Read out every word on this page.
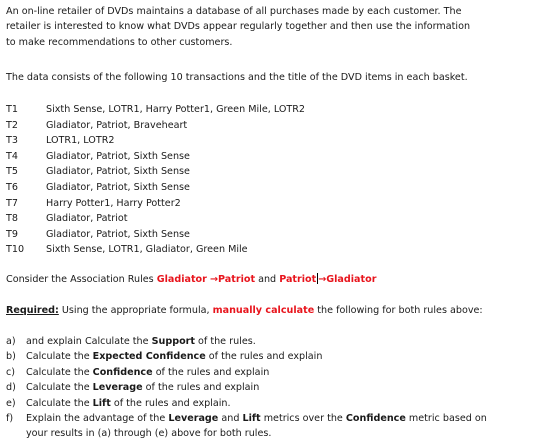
An on-line retailer of DVDs maintains a database of all purchases made by each customer. The
retailer is interested to know what DVDs appear regularly together and then use the information
to make recommendations to other customers.
The data consists of the following 10 transactions and the title of the DVD items in each basket.
T1	Sixth Sense, LOTR1, Harry Potter1, Green Mile, LOTR2
T2	Gladiator, Patriot, Braveheart
T3	LOTR1, LOTR2
T4	Gladiator, Patriot, Sixth Sense
T5	Gladiator, Patriot, Sixth Sense
T6	Gladiator, Patriot, Sixth Sense
T7	Harry Potter1, Harry Potter2
T8	Gladiator, Patriot
T9	Gladiator, Patriot, Sixth Sense
T10 Sixth Sense, LOTR1, Gladiator, Green Mile
Consider the Association Rules Gladiator →Patriot and Patriot →Gladiator
Required: Using the appropriate formula, manually calculate the following for both rules above:
a)	and explain Calculate the Support of the rules.
b)	Calculate the Expected Confidence of the rules and explain
c)	Calculate the Confidence of the rules and explain
d)	Calculate the Leverage of the rules and explain
e)	Calculate the Lift of the rules and explain.
f)	Explain the advantage of the Leverage and Lift metrics over the Confidence metric based on
your results in (a) through (e) above for both rules.
